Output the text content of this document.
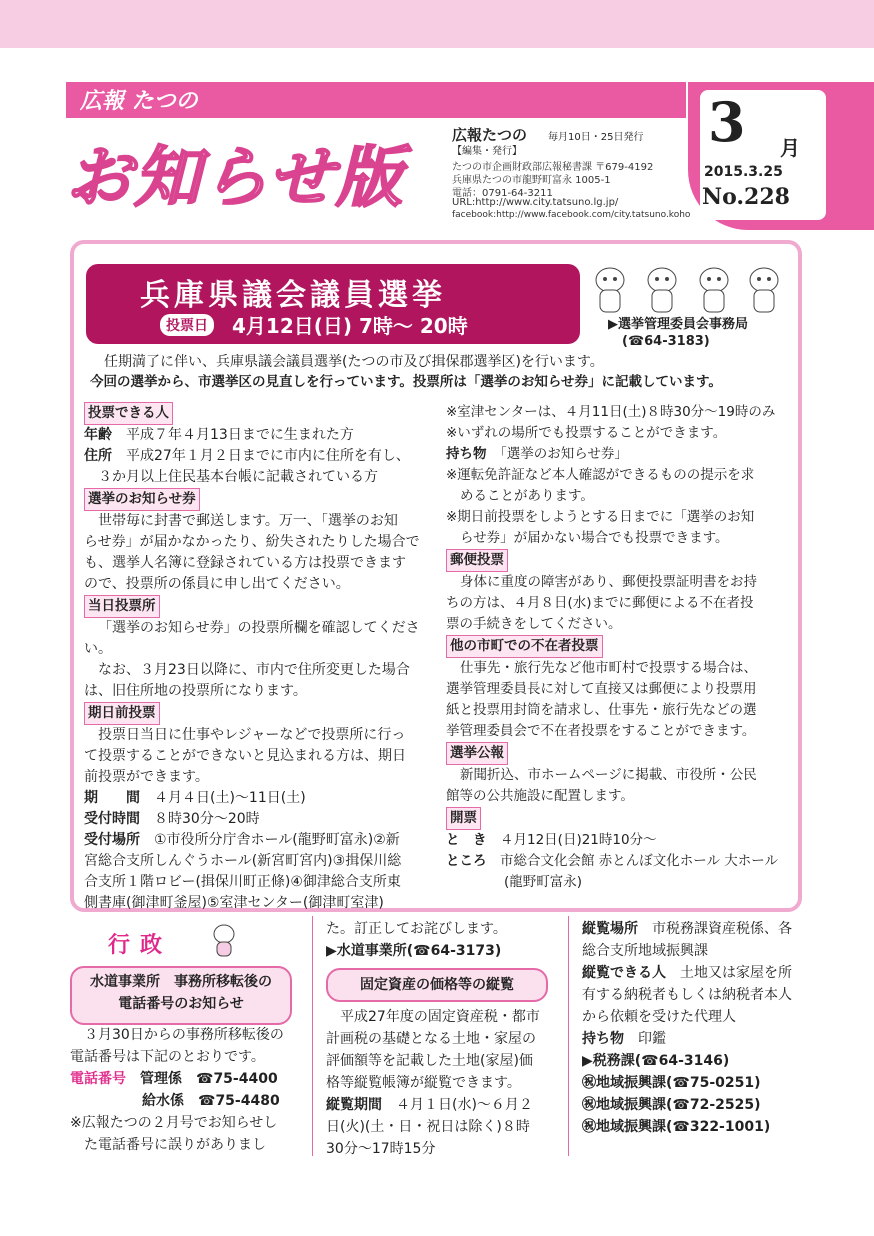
広報 たつの
お知らせ版
広報たつの 毎月10日・25日発行
【編集・発行】
たつの市企画財政部広報秘書課 〒679-4192
兵庫県たつの市龍野町富永 1005-1
電話：0791-64-3211
URL:http://www.city.tatsuno.lg.jp/
facebook:http://www.facebook.com/city.tatsuno.koho
3 月
2015.3.25
No.228
兵庫県議会議員選挙
投票日	4月12日(日) 7時～ 20時	▶選挙管理委員会事務局
(☎64-3183)
任期満了に伴い、兵庫県議会議員選挙(たつの市及び揖保郡選挙区)を行います。
今回の選挙から、市選挙区の見直しを行っています。投票所は「選挙のお知らせ券」に記載しています。
投票できる人
年齢　 平成７年４月13日までに生まれた方
住所　 平成27年１月２日までに市内に住所を有し、
３か月以上住民基本台帳に記載されている方
選挙のお知らせ券
世帯毎に封書で郵送します。万一、「選挙のお知
らせ券」が届かなかったり、紛失されたりした場合で
も、選挙人名簿に登録されている方は投票できます
ので、投票所の係員に申し出てください。
当日投票所
「選挙のお知らせ券」の投票所欄を確認してくださ
い。
なお、３月23日以降に、市内で住所変更した場合
は、旧住所地の投票所になります。
期日前投票
投票日当日に仕事やレジャーなどで投票所に行っ
て投票することができないと見込まれる方は、期日
前投票ができます。
期　　間　 ４月４日(土)～11日(土)
受付時間　 ８時30分～20時
受付場所　 ①市役所分庁舎ホール(龍野町富永)②新
宮総合支所しんぐうホール(新宮町宮内)③揖保川総
合支所１階ロビー(揖保川町正條)④御津総合支所東
側書庫(御津町釜屋)⑤室津センター(御津町室津)
※室津センターは、４月11日(土)８時30分～19時のみ
※いずれの場所でも投票することができます。
持ち物　 「選挙のお知らせ券」
※運転免許証など本人確認ができるものの提示を求
めることがあります。
※期日前投票をしようとする日までに「選挙のお知
らせ券」が届かない場合でも投票できます。
郵便投票
身体に重度の障害があり、郵便投票証明書をお持
ちの方は、４月８日(水)までに郵便による不在者投
票の手続きをしてください。
他の市町での不在者投票
仕事先・旅行先など他市町村で投票する場合は、
選挙管理委員長に対して直接又は郵便により投票用
紙と投票用封筒を請求し、仕事先・旅行先などの選
挙管理委員会で不在者投票をすることができます。
選挙公報
新聞折込、市ホームページに掲載、市役所・公民
館等の公共施設に配置します。
開票
と　き　 ４月12日(日)21時10分～
ところ　 市総合文化会館 赤とんぼ文化ホール 大ホール
(龍野町富永)
行政
水道事業所　事務所移転後の
電話番号のお知らせ
３月30日からの事務所移転後の
電話番号は下記のとおりです。
電話番号　 管理係　☎75-4400
給水係　☎75-4480
※広報たつの２月号でお知らせし
た電話番号に誤りがありまし
た。訂正してお詫びします。
▶水道事業所(☎64-3173)
固定資産の価格等の縦覧
平成27年度の固定資産税・都市
計画税の基礎となる土地・家屋の
評価額等を記載した土地(家屋)価
格等縦覧帳簿が縦覧できます。
縦覧期間　 ４月１日(水)～６月２
日(火)(土・日・祝日は除く)８時
30分～17時15分
縦覧場所　 市税務課資産税係、各
総合支所地域振興課
縦覧できる人　 土地又は家屋を所
有する納税者もしくは納税者本人
から依頼を受けた代理人
持ち物　 印鑑
▶税務課(☎64-3146)
㊗地域振興課(☎75-0251)
㊗地域振興課(☎72-2525)
㊗地域振興課(☎322-1001)
